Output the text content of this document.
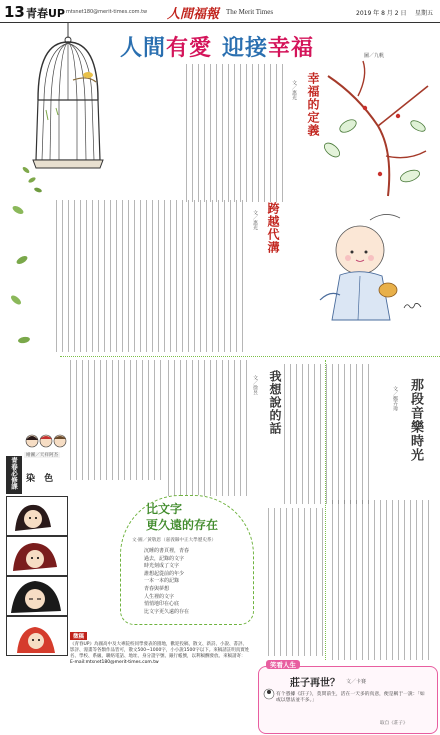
13 青春UP mtsnet180@merit-times.com.tw 人間福報 The Merit Times	2019 年 8 月 2 日 星期五
人間有愛 迎接幸福	圖／九帆
幸福的定義
文／惠光
跨越代溝
文／惠光
我想說的話
文／徐昱	那段音樂時光
文／鄭卉瑋
比文字
更久遠的存在
文·圖／黃敬恩（嘉義縣中正大學歷史系）
沉睡的書頁裡，青春
過去，記錄的文字
時光刻成了文字
誰想起從前的年少
一本一本的記錄
青春與夢想
人生裡的文字
悄悄地印在心底
比文字更久遠的存在
青春必修課
繪圖／天祥阿杰
染 色
徵稿
《青春UP》為國高中及大專院校同學發表的園地，歡迎投稿，散文、新詩、小說、書評、影評、漫畫等各類作品皆可，散文500~1000字，小小說1500字以下。來稿請註明真實姓名、學校、系級、聯絡電話、地址、身分證字號、銀行帳號，以利稿酬發放。來稿請寄：
E-mail:mtsnet180@merit-times.com.tw	笑看人生
莊子再世？ 文／卡賽
有个憑據《莊子》，莫問前生，活在一天多的真意，便是稱于一說：「如或以想法並不多。」
取自《莊子》
